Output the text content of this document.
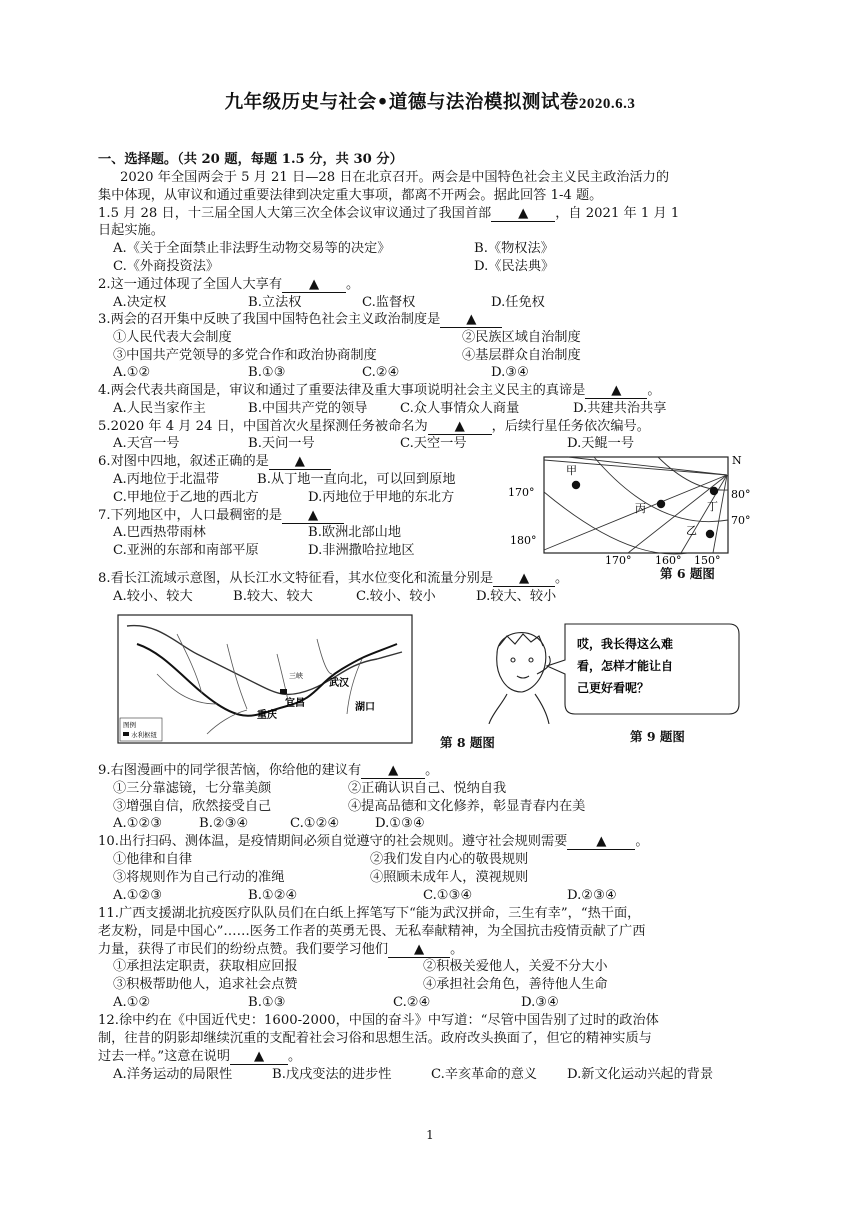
九年级历史与社会•道德与法治模拟测试卷2020.6.3
一、选择题。（共 20 题，每题 1.5 分，共 30 分）
2020 年全国两会于 5 月 21 日—28 日在北京召开。两会是中国特色社会主义民主政治活力的
集中体现，从审议和通过重要法律到决定重大事项，都离不开两会。据此回答 1-4 题。
1.5 月 28 日，十三届全国人大第三次全体会议审议通过了我国首部 ▲ ，自 2021 年 1 月 1
日起实施。
A.《关于全面禁止非法野生动物交易等的决定》	B.《物权法》
C.《外商投资法》	D.《民法典》
2.这一通过体现了全国人大享有 ▲ 。
A.决定权	B.立法权	C.监督权	D.任免权
3.两会的召开集中反映了我国中国特色社会主义政治制度是 ▲
①人民代表大会制度	②民族区域自治制度
③中国共产党领导的多党合作和政治协商制度	④基层群众自治制度
A.①②	B.①③	C.②④	D.③④
4.两会代表共商国是，审议和通过了重要法律及重大事项说明社会主义民主的真谛是 ▲ 。
A.人民当家作主	B.中国共产党的领导 C.众人事情众人商量	D.共建共治共享
5.2020 年 4 月 24 日，中国首次火星探测任务被命名为 ▲ ，后续行星任务依次编号。
A.天宫一号	B.天问一号	C.天空一号	D.天鲲一号
6.对图中四地，叙述正确的是 ▲
A.丙地位于北温带	B.从丁地一直向北，可以回到原地
C.甲地位于乙地的西北方	D.丙地位于甲地的东北方
7.下列地区中，人口最稠密的是 ▲
A.巴西热带雨林	B.欧洲北部山地
C.亚洲的东部和南部平原	D.非洲撒哈拉地区
8.看长江流域示意图，从长江水文特征看，其水位变化和流量分别是 ▲ 。
A.较小、较大	B.较大、较大	C.较小、较小	D.较大、较小
甲
丙	丁
乙
N
170°
180°
170° 160° 150°
80°
70°
第 6 题图
三峡
重庆
宜昌
武汉
湖口
图例
水利枢纽	第 8 题图
哎，我长得这么难
看，怎样才能让自
己更好看呢？
第 9 题图
9.右图漫画中的同学很苦恼，你给他的建议有 ▲ 。
①三分靠滤镜，七分靠美颜	②正确认识自己、悦纳自我
③增强自信，欣然接受自己	④提高品德和文化修养，彰显青春内在美
A.①②③	B.②③④	C.①②④	D.①③④
10.出行扫码、测体温，是疫情期间必须自觉遵守的社会规则。遵守社会规则需要 ▲ 。
①他律和自律	②我们发自内心的敬畏规则
③将规则作为自己行动的准绳	④照顾未成年人，漠视规则
A.①②③	B.①②④	C.①③④	D.②③④
11.广西支援湖北抗疫医疗队队员们在白纸上挥笔写下“能为武汉拼命，三生有幸”，“热干面，
老友粉，同是中国心”……医务工作者的英勇无畏、无私奉献精神，为全国抗击疫情贡献了广西
力量，获得了市民们的纷纷点赞。我们要学习他们 ▲ 。
①承担法定职责，获取相应回报	②积极关爱他人，关爱不分大小
③积极帮助他人，追求社会点赞	④承担社会角色，善待他人生命
A.①②	B.①③	C.②④	D.③④
12.徐中约在《中国近代史：1600-2000，中国的奋斗》中写道：“尽管中国告别了过时的政治体
制，往昔的阴影却继续沉重的支配着社会习俗和思想生活。政府改头换面了，但它的精神实质与
过去一样。”这意在说明 ▲ 。
A.洋务运动的局限性	B.戊戌变法的进步性	C.辛亥革命的意义 D.新文化运动兴起的背景
1
